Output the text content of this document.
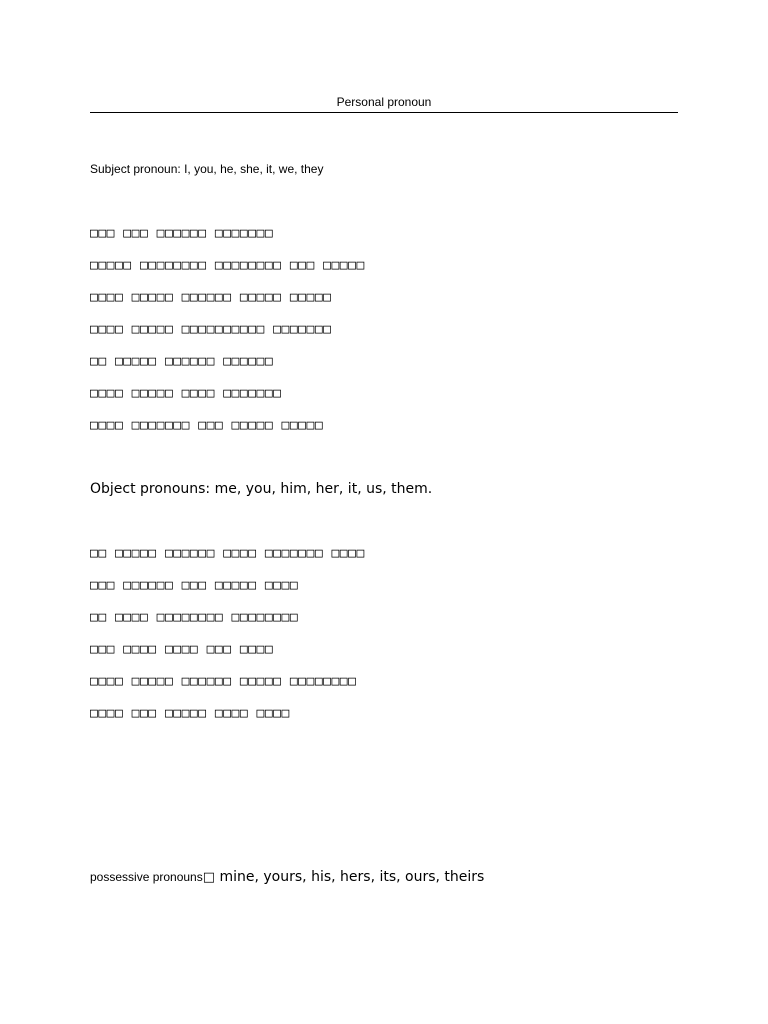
Personal pronoun
Subject pronoun: I, you, he, she, it, we, they
□□□ □□□ □□□□□□ □□□□□□□
□□□□□ □□□□□□□□ □□□□□□□□ □□□ □□□□□
□□□□ □□□□□ □□□□□□ □□□□□ □□□□□
□□□□ □□□□□ □□□□□□□□□□ □□□□□□□
□□ □□□□□ □□□□□□ □□□□□□
□□□□ □□□□□ □□□□ □□□□□□□
□□□□ □□□□□□□ □□□ □□□□□ □□□□□
Object pronouns: me, you, him, her, it, us, them.
□□ □□□□□ □□□□□□ □□□□ □□□□□□□ □□□□
□□□ □□□□□□ □□□ □□□□□ □□□□
□□ □□□□ □□□□□□□□ □□□□□□□□
□□□ □□□□ □□□□ □□□ □□□□
□□□□ □□□□□ □□□□□□ □□□□□ □□□□□□□□
□□□□ □□□ □□□□□ □□□□ □□□□
possessive pronouns□ mine, yours, his, hers, its, ours, theirs
